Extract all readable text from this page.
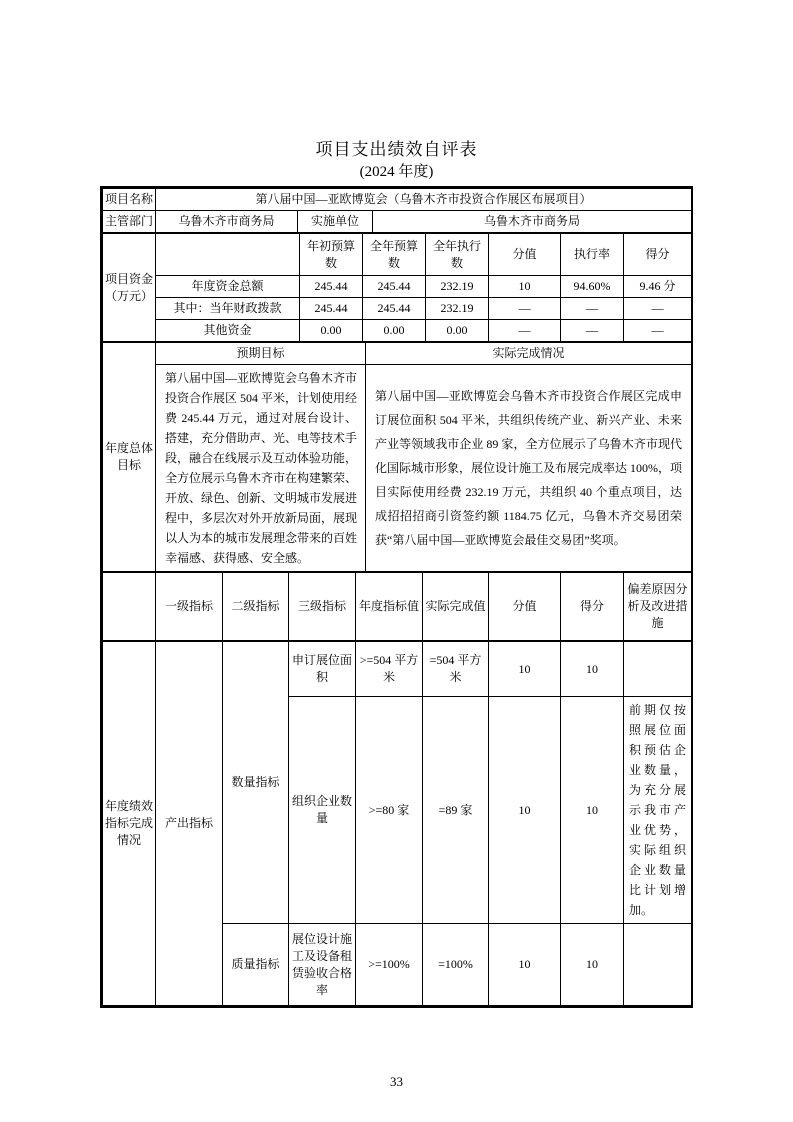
项目支出绩效自评表
(2024 年度)
项目名称	第八届中国—亚欧博览会（乌鲁木齐市投资合作展区布展项目）		
主管部门	乌鲁木齐市商务局	实施单位	乌鲁木齐市商务局
项目资金（万元）		年初预算数	全年预算数	全年执行数	分值	执行率	得分
	年度资金总额	245.44	245.44	232.19	10	94.60%	9.46 分
	其中：当年财政拨款	245.44	245.44	232.19	—	—	—
	其他资金	0.00	0.00	0.00	—	—	—
年度总体目标	预期目标	实际完成情况
	第八届中国—亚欧博览会乌鲁木齐市投资合作展区 504 平米，计划使用经费 245.44 万元，通过对展台设计、搭建，充分借助声、光、电等技术手段，融合在线展示及互动体验功能，全方位展示乌鲁木齐市在构建繁荣、开放、绿色、创新、文明城市发展进程中，多层次对外开放新局面，展现以人为本的城市发展理念带来的百姓幸福感、获得感、安全感。	第八届中国—亚欧博览会乌鲁木齐市投资合作展区完成申订展位面积 504 平米，共组织传统产业、新兴产业、未来产业等领域我市企业 89 家，全方位展示了乌鲁木齐市现代化国际城市形象，展位设计施工及布展完成率达 100%，项目实际使用经费 232.19 万元，共组织 40 个重点项目，达成招招招商引资签约额 1184.75 亿元，乌鲁木齐交易团荣获“第八届中国—亚欧博览会最佳交易团”奖项。
	一级指标	二级指标	三级指标	年度指标值	实际完成值	分值	得分	偏差原因分析及改进措施
年度绩效指标完成情况	产出指标	数量指标	申订展位面积	>=504 平方米	=504 平方米	10	10	
			组织企业数量	>=80 家	=89 家	10	10	前期仅按照展位面积预估企业数量，为充分展示我市产业优势，实际组织企业数量比计划增加。
		质量指标	展位设计施工及设备租赁验收合格率	>=100%	=100%	10	10	
33
